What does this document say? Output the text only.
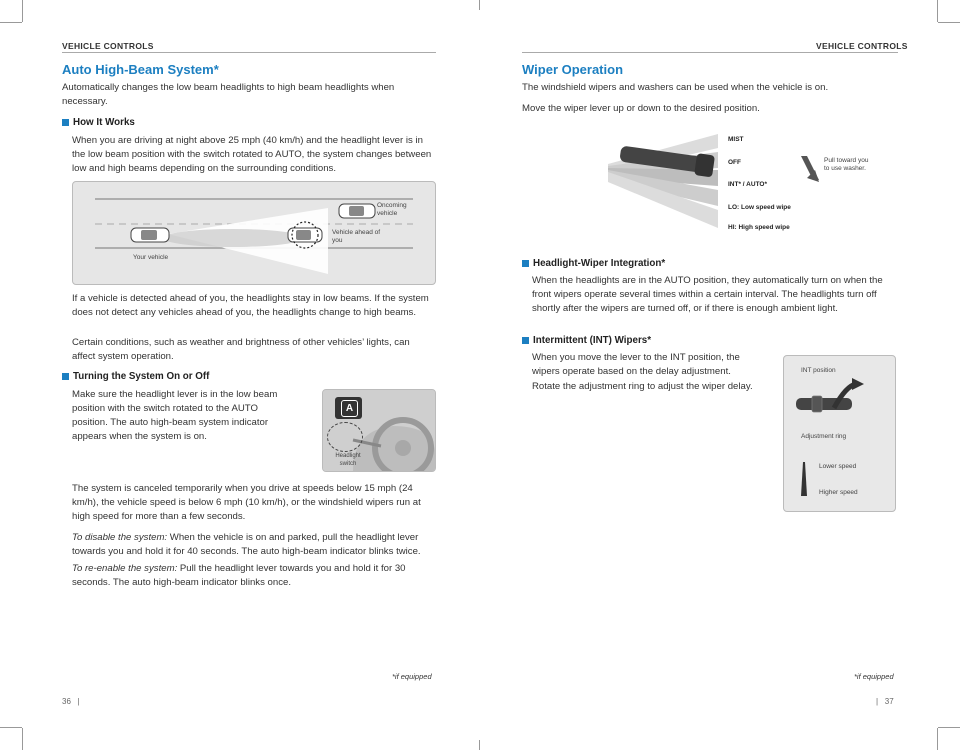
VEHICLE CONTROLS
Auto High-Beam System*
Automatically changes the low beam headlights to high beam headlights when necessary.
How It Works
When you are driving at night above 25 mph (40 km/h) and the headlight lever is in the low beam position with the switch rotated to AUTO, the system changes between low and high beams depending on the surrounding conditions.
Oncoming vehicle
Vehicle ahead of you
Your vehicle
If a vehicle is detected ahead of you, the headlights stay in low beams. If the system does not detect any vehicles ahead of you, the headlights change to high beams.
Certain conditions, such as weather and brightness of other vehicles’ lights, can affect system operation.
Turning the System On or Off
Make sure the headlight lever is in the low beam position with the switch rotated to the AUTO position. The auto high-beam system indicator appears when the system is on.
A
Headlight switch
The system is canceled temporarily when you drive at speeds below 15 mph (24 km/h), the vehicle speed is below 6 mph (10 km/h), or the windshield wipers run at high speed for more than a few seconds.
To disable the system: When the vehicle is on and parked, pull the headlight lever towards you and hold it for 40 seconds. The auto high-beam indicator blinks twice.
To re-enable the system: Pull the headlight lever towards you and hold it for 30 seconds. The auto high-beam indicator blinks once.
*if equipped
36   |
VEHICLE CONTROLS
Wiper Operation
The windshield wipers and washers can be used when the vehicle is on.
Move the wiper lever up or down to the desired position.
MIST
OFF
INT* / AUTO*
LO: Low speed wipe
HI: High speed wipe
Pull toward you to use washer.
Headlight-Wiper Integration*
When the headlights are in the AUTO position, they automatically turn on when the front wipers operate several times within a certain interval. The headlights turn off shortly after the wipers are turned off, or if there is enough ambient light.
Intermittent (INT) Wipers*
When you move the lever to the INT position, the wipers operate based on the delay adjustment.
Rotate the adjustment ring to adjust the wiper delay.
INT position
Adjustment ring
Lower speed
Higher speed
*if equipped
|   37
